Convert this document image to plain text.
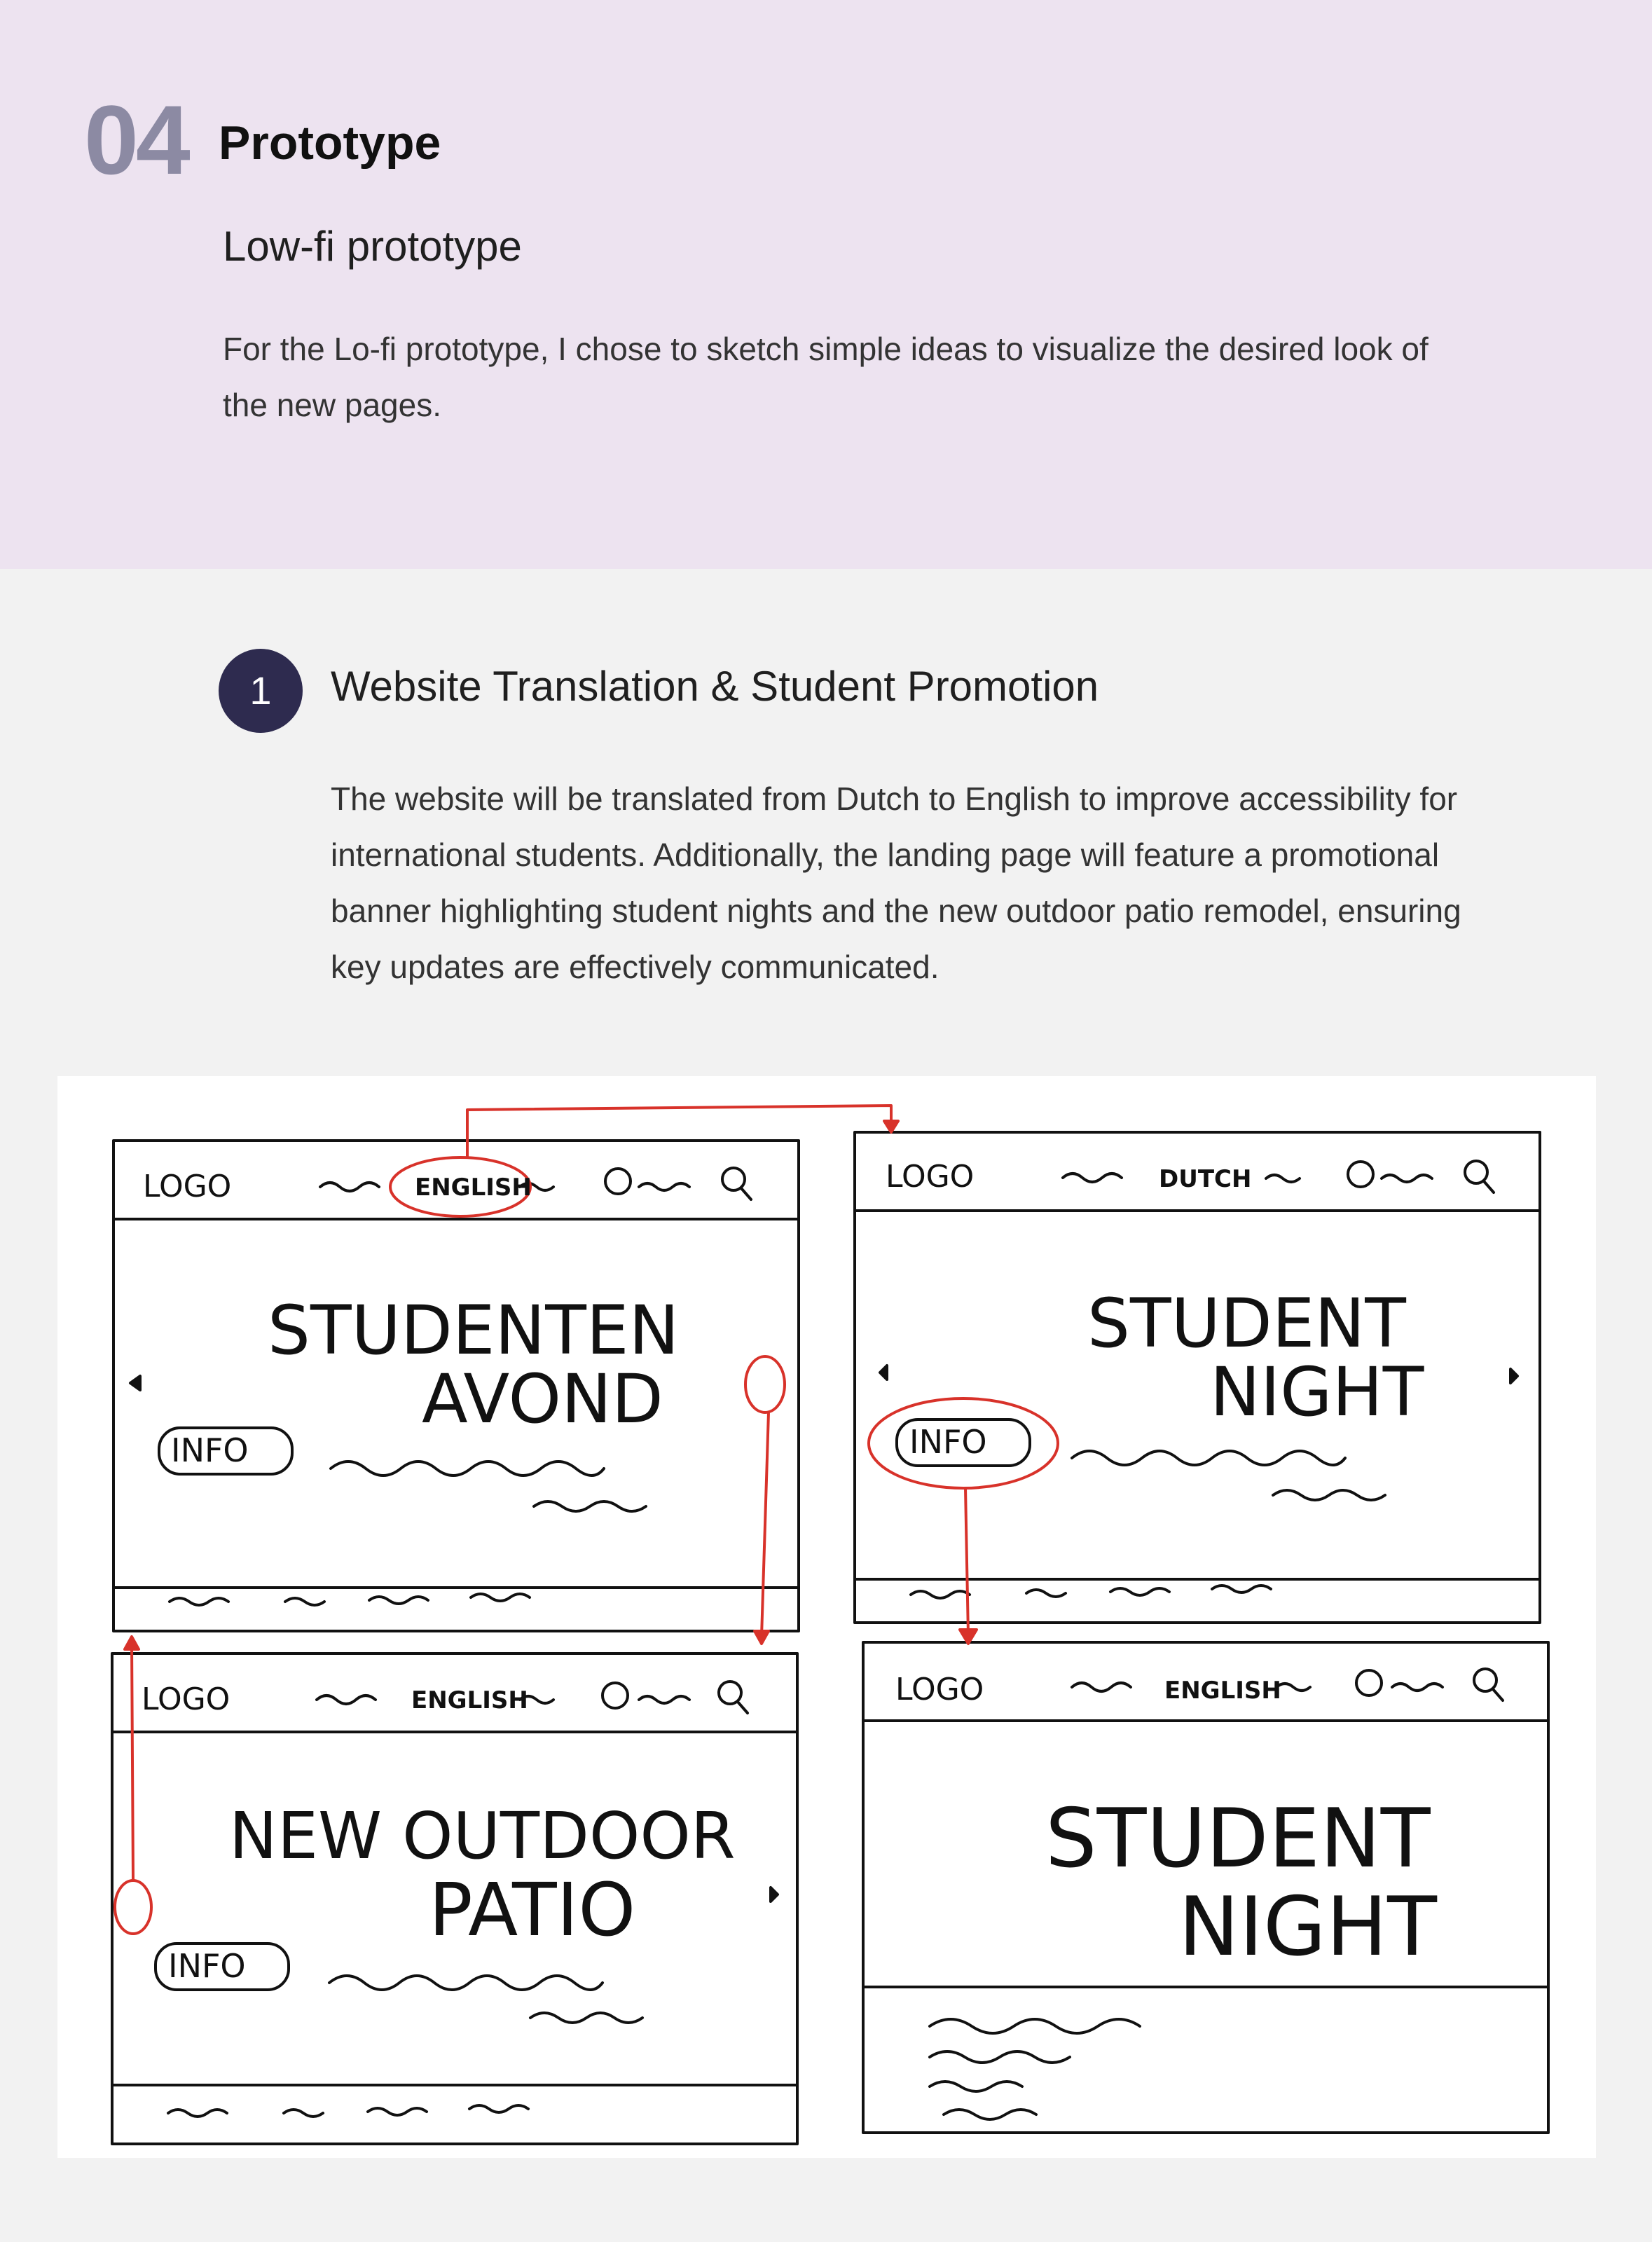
04 Prototype
Low-fi prototype
For the Lo-fi prototype, I chose to sketch simple ideas to visualize the desired look of the new pages.
1	Website Translation & Student Promotion
The website will be translated from Dutch to English to improve accessibility for international students. Additionally, the landing page will feature a promotional banner highlighting student nights and the new outdoor patio remodel, ensuring key updates are effectively communicated.
LOGO	ENGLISH
STUDENTEN
AVOND
INFO
LOGO	DUTCH
STUDENT
NIGHT
INFO
LOGO	ENGLISH
NEW OUTDOOR
PATIO
INFO
LOGO	ENGLISH
STUDENT
NIGHT
